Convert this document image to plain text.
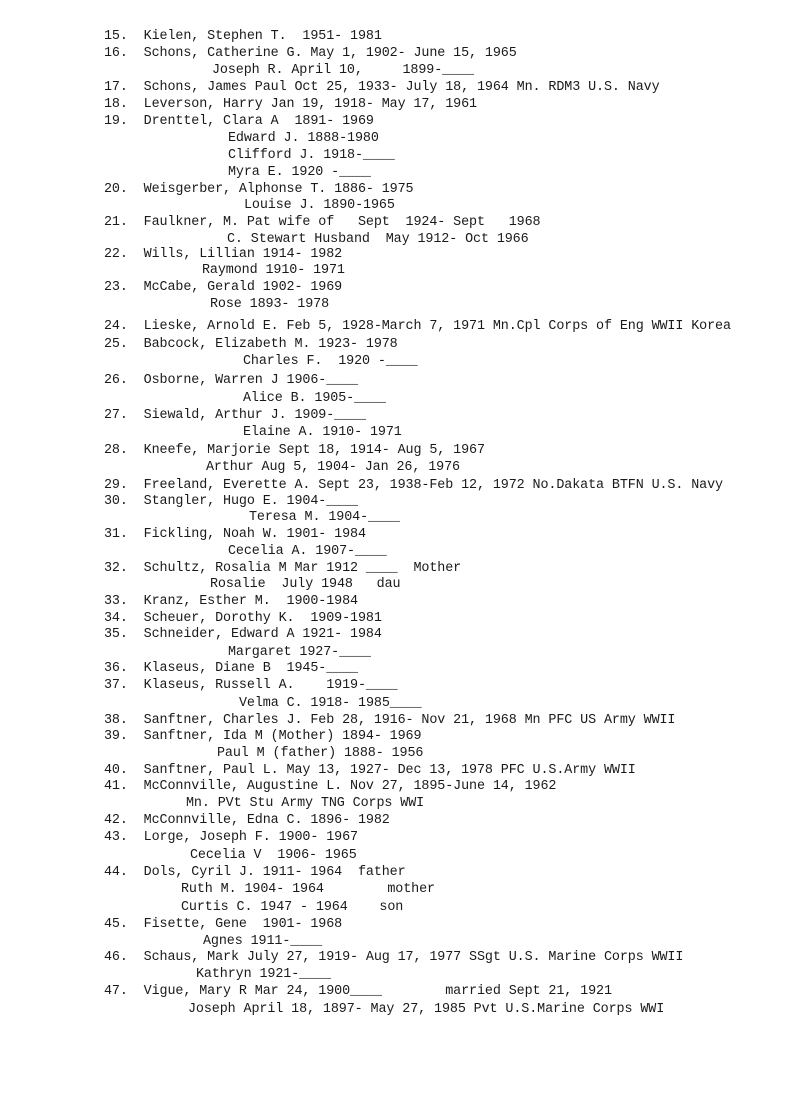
15.  Kielen, Stephen T.  1951- 1981
16.  Schons, Catherine G. May 1, 1902- June 15, 1965
Joseph R. April 10,     1899-____
17.  Schons, James Paul Oct 25, 1933- July 18, 1964 Mn. RDM3 U.S. Navy
18.  Leverson, Harry Jan 19, 1918- May 17, 1961
19.  Drenttel, Clara A  1891- 1969
Edward J. 1888-1980
Clifford J. 1918-____
Myra E. 1920 -____
20.  Weisgerber, Alphonse T. 1886- 1975
Louise J. 1890-1965
21.  Faulkner, M. Pat wife of   Sept  1924- Sept   1968
C. Stewart Husband  May 1912- Oct 1966
22.  Wills, Lillian 1914- 1982
Raymond 1910- 1971
23.  McCabe, Gerald 1902- 1969
Rose 1893- 1978
24.  Lieske, Arnold E. Feb 5, 1928-March 7, 1971 Mn.Cpl Corps of Eng WWII Korea
25.  Babcock, Elizabeth M. 1923- 1978
Charles F.  1920 -____
26.  Osborne, Warren J 1906-____
Alice B. 1905-____
27.  Siewald, Arthur J. 1909-____
Elaine A. 1910- 1971
28.  Kneefe, Marjorie Sept 18, 1914- Aug 5, 1967
Arthur Aug 5, 1904- Jan 26, 1976
29.  Freeland, Everette A. Sept 23, 1938-Feb 12, 1972 No.Dakata BTFN U.S. Navy
30.  Stangler, Hugo E. 1904-____
Teresa M. 1904-____
31.  Fickling, Noah W. 1901- 1984
Cecelia A. 1907-____
32.  Schultz, Rosalia M Mar 1912 ____  Mother
Rosalie  July 1948   dau
33.  Kranz, Esther M.  1900-1984
34.  Scheuer, Dorothy K.  1909-1981
35.  Schneider, Edward A 1921- 1984
Margaret 1927-____
36.  Klaseus, Diane B  1945-____
37.  Klaseus, Russell A.    1919-____
Velma C. 1918- 1985____
38.  Sanftner, Charles J. Feb 28, 1916- Nov 21, 1968 Mn PFC US Army WWII
39.  Sanftner, Ida M (Mother) 1894- 1969
Paul M (father) 1888- 1956
40.  Sanftner, Paul L. May 13, 1927- Dec 13, 1978 PFC U.S.Army WWII
41.  McConnville, Augustine L. Nov 27, 1895-June 14, 1962
Mn. PVt Stu Army TNG Corps WWI
42.  McConnville, Edna C. 1896- 1982
43.  Lorge, Joseph F. 1900- 1967
Cecelia V  1906- 1965
44.  Dols, Cyril J. 1911- 1964  father
Ruth M. 1904- 1964        mother
Curtis C. 1947 - 1964    son
45.  Fisette, Gene  1901- 1968
Agnes 1911-____
46.  Schaus, Mark July 27, 1919- Aug 17, 1977 SSgt U.S. Marine Corps WWII
Kathryn 1921-____
47.  Vigue, Mary R Mar 24, 1900____        married Sept 21, 1921
Joseph April 18, 1897- May 27, 1985 Pvt U.S.Marine Corps WWI
